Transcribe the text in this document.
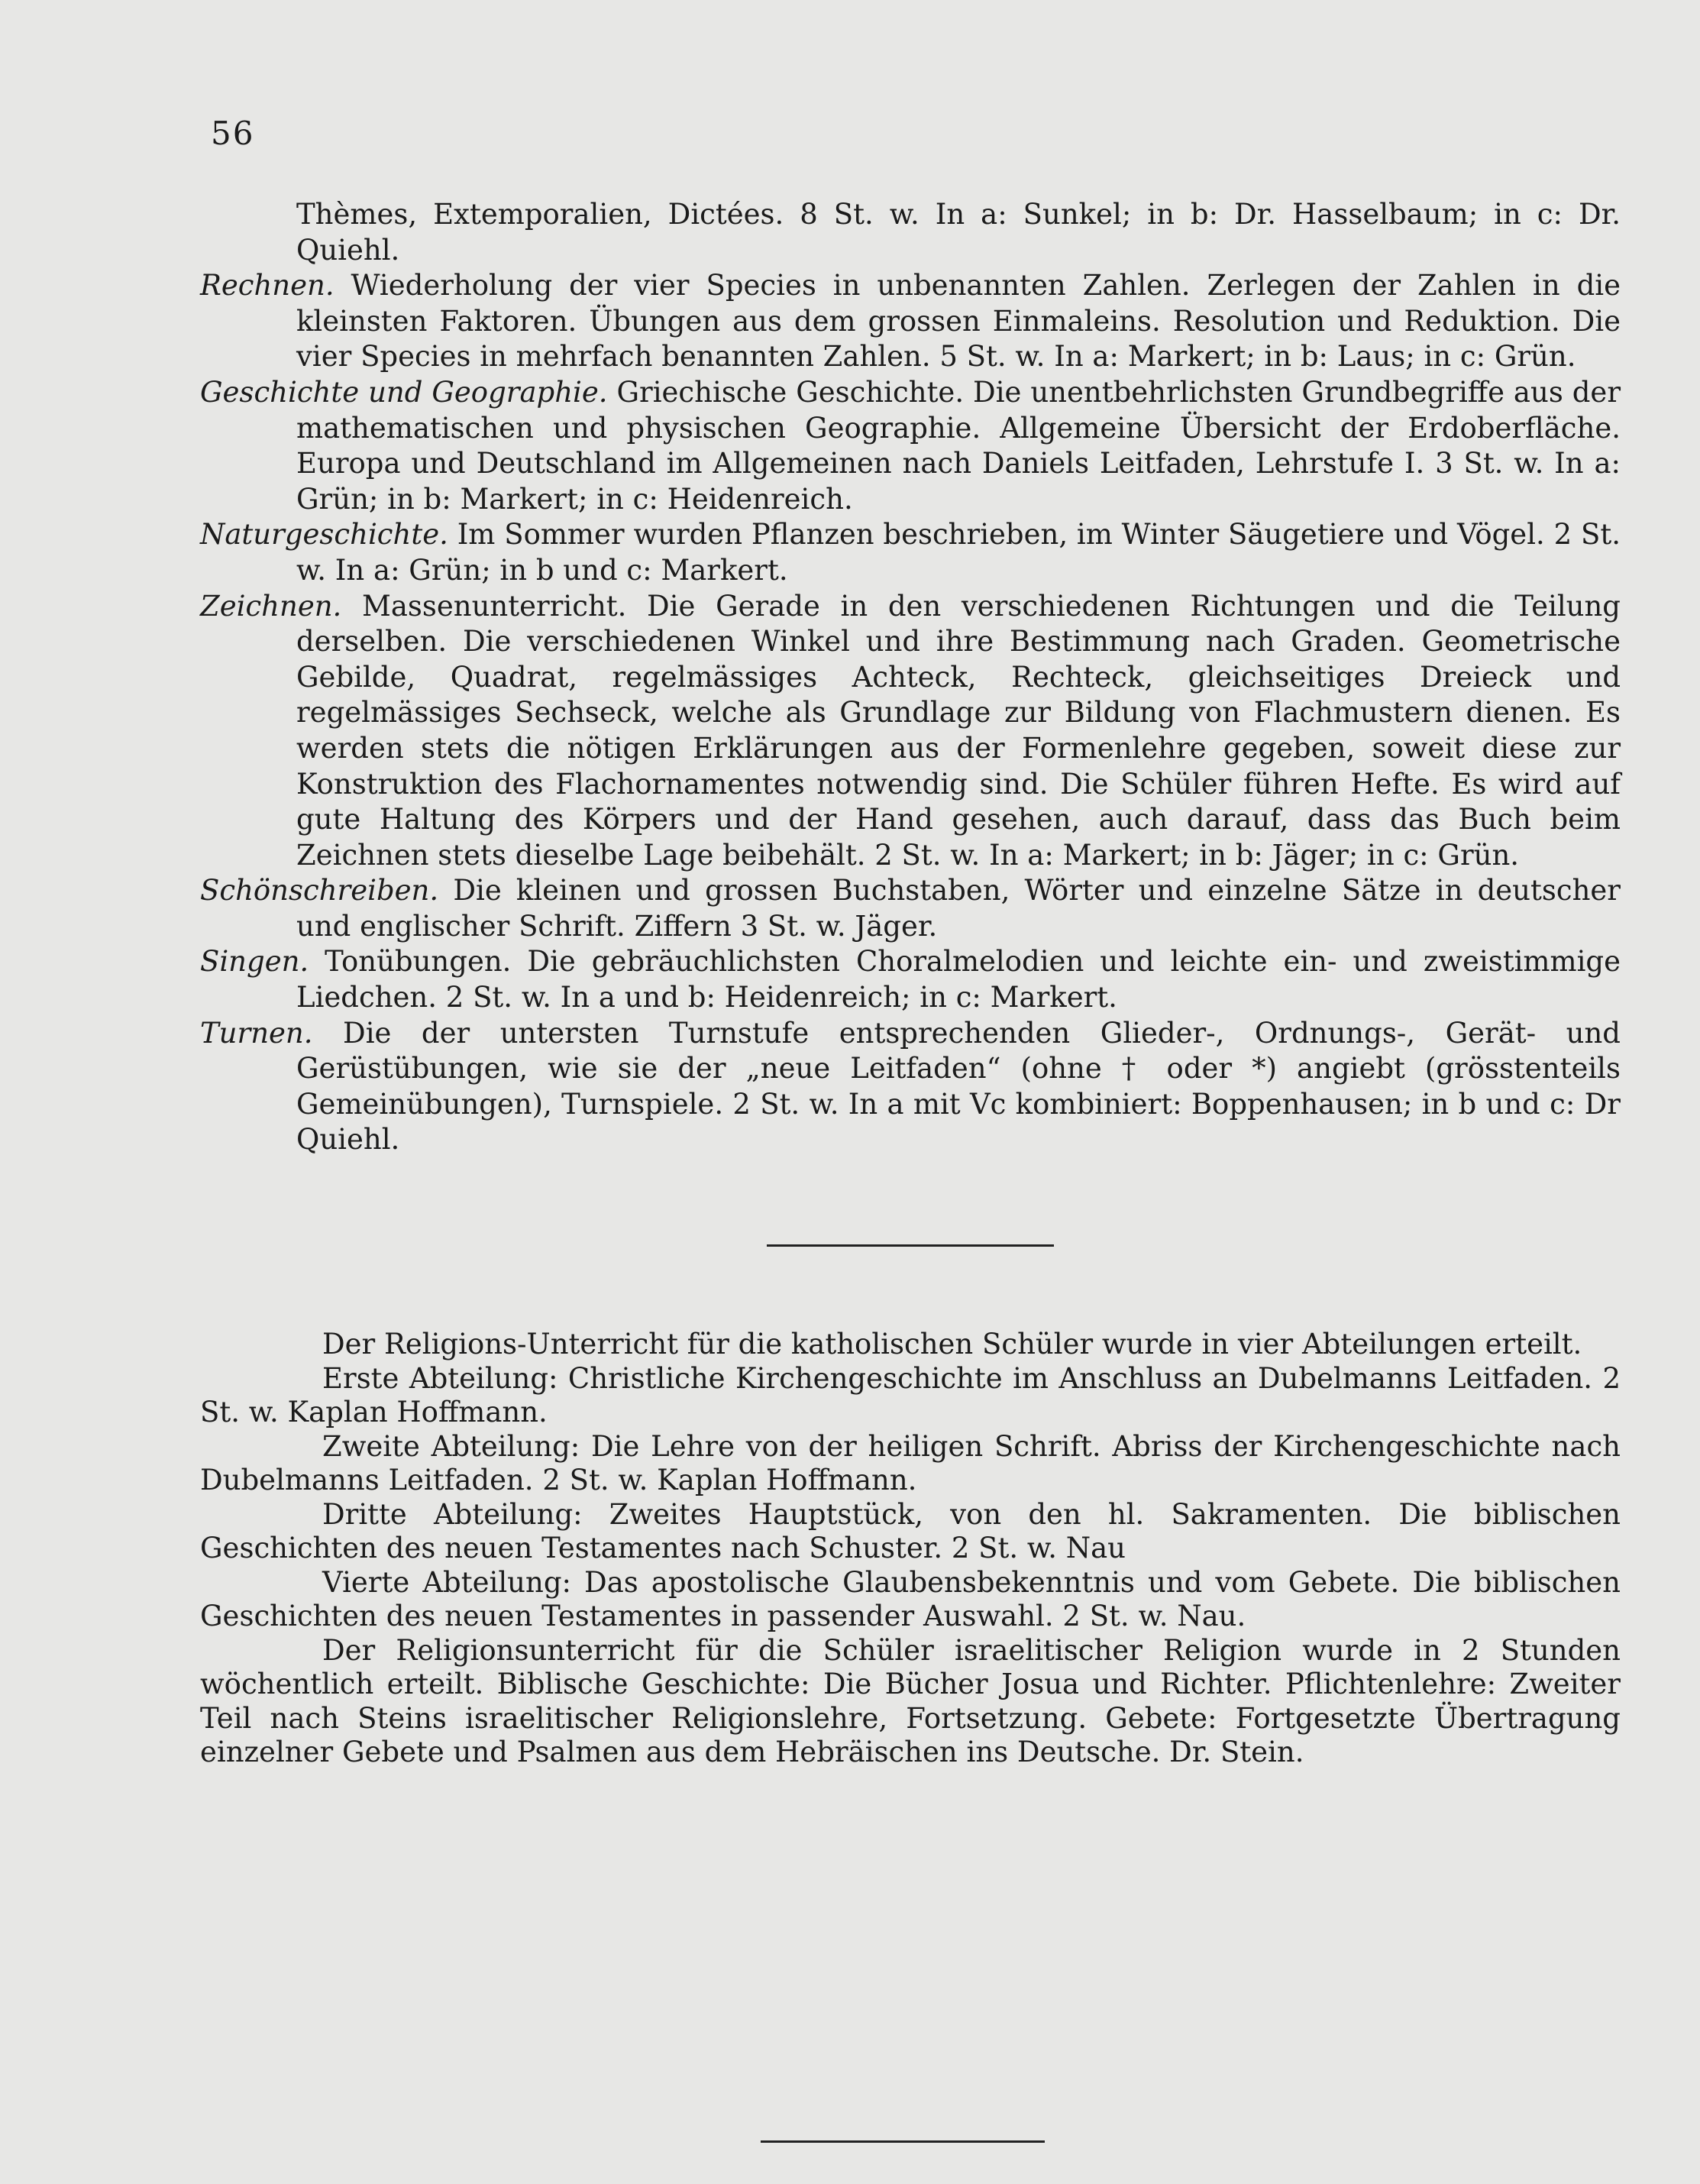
56

Thèmes, Extemporalien, Dictées. 8 St. w. In a: Sunkel; in b: Dr. Hasselbaum; in c: Dr. Quiehl.

Rechnen. Wiederholung der vier Species in unbenannten Zahlen. Zerlegen der Zahlen in die kleinsten Faktoren. Übungen aus dem grossen Einmaleins. Resolution und Reduktion. Die vier Species in mehrfach benannten Zahlen. 5 St. w. In a: Markert; in b: Laus; in c: Grün.

Geschichte und Geographie. Griechische Geschichte. Die unentbehrlichsten Grundbegriffe aus der mathematischen und physischen Geographie. Allgemeine Übersicht der Erdoberfläche. Europa und Deutschland im Allgemeinen nach Daniels Leitfaden, Lehrstufe I. 3 St. w. In a: Grün; in b: Markert; in c: Heidenreich.

Naturgeschichte. Im Sommer wurden Pflanzen beschrieben, im Winter Säugetiere und Vögel. 2 St. w. In a: Grün; in b und c: Markert.

Zeichnen. Massenunterricht. Die Gerade in den verschiedenen Richtungen und die Teilung derselben. Die verschiedenen Winkel und ihre Bestimmung nach Graden. Geometrische Gebilde, Quadrat, regelmässiges Achteck, Rechteck, gleichseitiges Dreieck und regelmässiges Sechseck, welche als Grundlage zur Bildung von Flachmustern dienen. Es werden stets die nötigen Erklärungen aus der Formenlehre gegeben, soweit diese zur Konstruktion des Flachornamentes notwendig sind. Die Schüler führen Hefte. Es wird auf gute Haltung des Körpers und der Hand gesehen, auch darauf, dass das Buch beim Zeichnen stets dieselbe Lage beibehält. 2 St. w. In a: Markert; in b: Jäger; in c: Grün.

Schönschreiben. Die kleinen und grossen Buchstaben, Wörter und einzelne Sätze in deutscher und englischer Schrift. Ziffern 3 St. w. Jäger.

Singen. Tonübungen. Die gebräuchlichsten Choralmelodien und leichte ein- und zweistimmige Liedchen. 2 St. w. In a und b: Heidenreich; in c: Markert.

Turnen. Die der untersten Turnstufe entsprechenden Glieder-, Ordnungs-, Gerät- und Gerüstübungen, wie sie der „neue Leitfaden“ (ohne † oder *) angiebt (grösstenteils Gemeinübungen), Turnspiele. 2 St. w. In a mit Vc kombiniert: Boppenhausen; in b und c: Dr Quiehl.

Der Religions-Unterricht für die katholischen Schüler wurde in vier Abteilungen erteilt.

Erste Abteilung: Christliche Kirchengeschichte im Anschluss an Dubelmanns Leitfaden. 2 St. w. Kaplan Hoffmann.

Zweite Abteilung: Die Lehre von der heiligen Schrift. Abriss der Kirchengeschichte nach Dubelmanns Leitfaden. 2 St. w. Kaplan Hoffmann.

Dritte Abteilung: Zweites Hauptstück, von den hl. Sakramenten. Die biblischen Geschichten des neuen Testamentes nach Schuster. 2 St. w. Nau

Vierte Abteilung: Das apostolische Glaubensbekenntnis und vom Gebete. Die biblischen Geschichten des neuen Testamentes in passender Auswahl. 2 St. w. Nau.

Der Religionsunterricht für die Schüler israelitischer Religion wurde in 2 Stunden wöchentlich erteilt. Biblische Geschichte: Die Bücher Josua und Richter. Pflichtenlehre: Zweiter Teil nach Steins israelitischer Religionslehre, Fortsetzung. Gebete: Fortgesetzte Übertragung einzelner Gebete und Psalmen aus dem Hebräischen ins Deutsche. Dr. Stein.
